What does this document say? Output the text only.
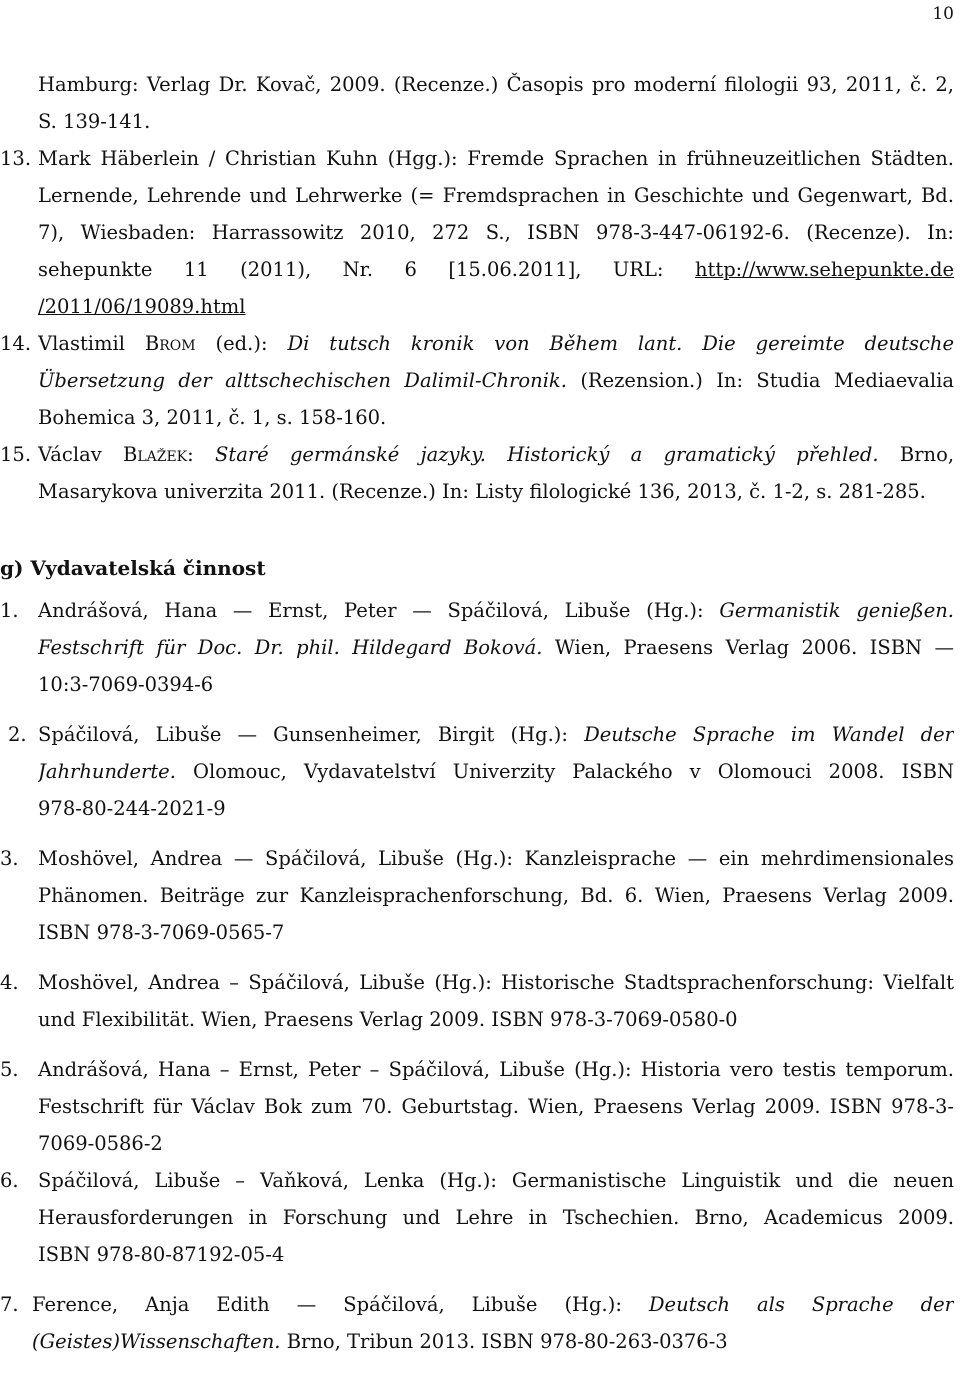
10
Hamburg: Verlag Dr. Kovač, 2009. (Recenze.) Časopis pro moderní filologii 93, 2011, č. 2,
S. 139-141.
13. Mark Häberlein / Christian Kuhn (Hgg.): Fremde Sprachen in frühneuzeitlichen Städten.
Lernende, Lehrende und Lehrwerke (= Fremdsprachen in Geschichte und Gegenwart, Bd.
7), Wiesbaden: Harrassowitz 2010, 272 S., ISBN 978-3-447-06192-6. (Recenze). In:
sehepunkte 11 (2011), Nr. 6 [15.06.2011], URL: http://www.sehepunkte.de
/2011/06/19089.html
14. Vlastimil Brom (ed.): Di tutsch kronik von Během lant. Die gereimte deutsche
Übersetzung der alttschechischen Dalimil-Chronik. (Rezension.) In: Studia Mediaevalia
Bohemica 3, 2011, č. 1, s. 158-160.
15. Václav Blažek: Staré germánské jazyky. Historický a gramatický přehled. Brno,
Masarykova univerzita 2011. (Recenze.) In: Listy filologické 136, 2013, č. 1-2, s. 281-285.
g) Vydavatelská činnost
1. Andrášová, Hana — Ernst, Peter — Spáčilová, Libuše (Hg.): Germanistik genießen.
Festschrift für Doc. Dr. phil. Hildegard Boková. Wien, Praesens Verlag 2006. ISBN —
10:3-7069-0394-6
2. Spáčilová, Libuše — Gunsenheimer, Birgit (Hg.): Deutsche Sprache im Wandel der
Jahrhunderte. Olomouc, Vydavatelství Univerzity Palackého v Olomouci 2008. ISBN
978-80-244-2021-9
3. Moshövel, Andrea — Spáčilová, Libuše (Hg.): Kanzleisprache — ein mehrdimensionales
Phänomen. Beiträge zur Kanzleisprachenforschung, Bd. 6. Wien, Praesens Verlag 2009.
ISBN 978-3-7069-0565-7
4. Moshövel, Andrea – Spáčilová, Libuše (Hg.): Historische Stadtsprachenforschung: Vielfalt
und Flexibilität. Wien, Praesens Verlag 2009. ISBN 978-3-7069-0580-0
5. Andrášová, Hana – Ernst, Peter – Spáčilová, Libuše (Hg.): Historia vero testis temporum.
Festschrift für Václav Bok zum 70. Geburtstag. Wien, Praesens Verlag 2009. ISBN 978-3-
7069-0586-2
6. Spáčilová, Libuše – Vaňková, Lenka (Hg.): Germanistische Linguistik und die neuen
Herausforderungen in Forschung und Lehre in Tschechien. Brno, Academicus 2009.
ISBN 978-80-87192-05-4
7. Ference, Anja Edith — Spáčilová, Libuše (Hg.): Deutsch als Sprache der
(Geistes)Wissenschaften. Brno, Tribun 2013. ISBN 978-80-263-0376-3
